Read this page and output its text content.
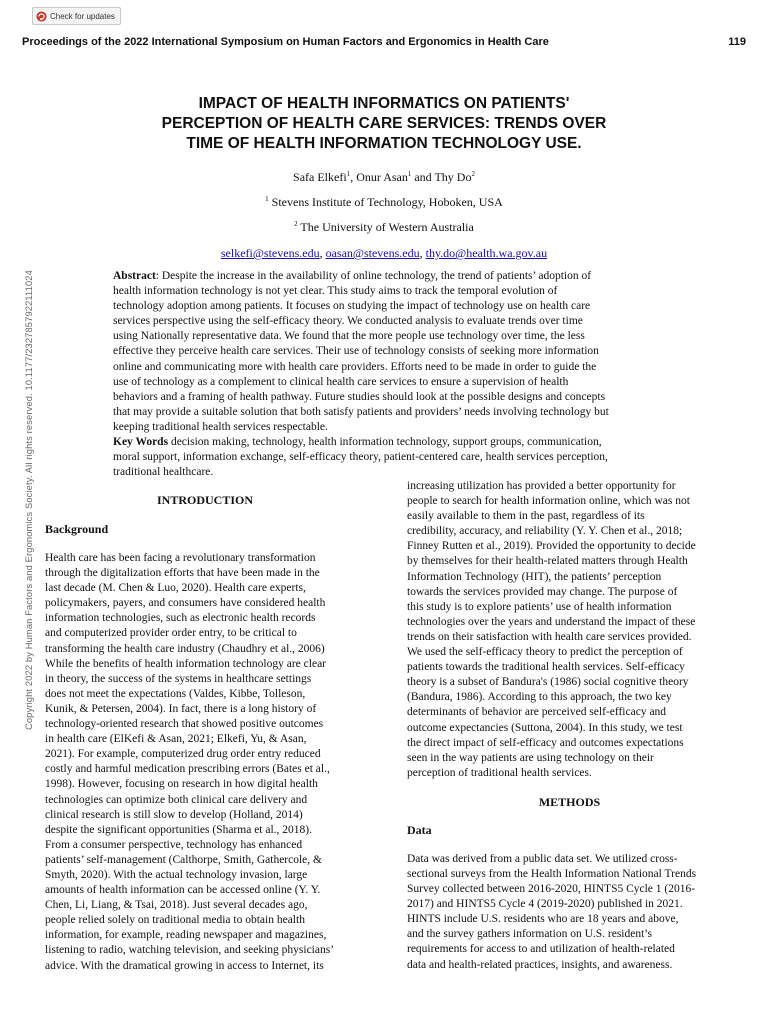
Check for updates
Proceedings of the 2022 International Symposium on Human Factors and Ergonomics in Health Care	119
Copyright 2022 by Human Factors and Ergonomics Society. All rights reserved. 10.1177/2327857922111024
IMPACT OF HEALTH INFORMATICS ON PATIENTS'
PERCEPTION OF HEALTH CARE SERVICES: TRENDS OVER
TIME OF HEALTH INFORMATION TECHNOLOGY USE.
Safa Elkefi$^1$, Onur Asan$^1$ and Thy Do$^2$
$^1$ Stevens Institute of Technology, Hoboken, USA
$^2$ The University of Western Australia
selkefi@stevens.edu, oasan@stevens.edu, thy.do@health.wa.gov.au
Abstract: Despite the increase in the availability of online technology, the trend of patients’ adoption of
health information technology is not yet clear. This study aims to track the temporal evolution of
technology adoption among patients. It focuses on studying the impact of technology use on health care
services perspective using the self-efficacy theory. We conducted analysis to evaluate trends over time
using Nationally representative data. We found that the more people use technology over time, the less
effective they perceive health care services. Their use of technology consists of seeking more information
online and communicating more with health care providers. Efforts need to be made in order to guide the
use of technology as a complement to clinical health care services to ensure a supervision of health
behaviors and a framing of health pathway. Future studies should look at the possible designs and concepts
that may provide a suitable solution that both satisfy patients and providers’ needs involving technology but
keeping traditional health services respectable.
Key Words decision making, technology, health information technology, support groups, communication,
moral support, information exchange, self-efficacy theory, patient-centered care, health services perception,
traditional healthcare.
INTRODUCTION
Background

Health care has been facing a revolutionary transformation
through the digitalization efforts that have been made in the
last decade (M. Chen & Luo, 2020). Health care experts,
policymakers, payers, and consumers have considered health
information technologies, such as electronic health records
and computerized provider order entry, to be critical to
transforming the health care industry (Chaudhry et al., 2006)
While the benefits of health information technology are clear
in theory, the success of the systems in healthcare settings
does not meet the expectations (Valdes, Kibbe, Tolleson,
Kunik, & Petersen, 2004). In fact, there is a long history of
technology-oriented research that showed positive outcomes
in health care (ElKefi & Asan, 2021; Elkefi, Yu, & Asan,
2021). For example, computerized drug order entry reduced
costly and harmful medication prescribing errors (Bates et al.,
1998). However, focusing on research in how digital health
technologies can optimize both clinical care delivery and
clinical research is still slow to develop (Holland, 2014)
despite the significant opportunities (Sharma et al., 2018).
From a consumer perspective, technology has enhanced
patients’ self-management (Calthorpe, Smith, Gathercole, &
Smyth, 2020). With the actual technology invasion, large
amounts of health information can be accessed online (Y. Y.
Chen, Li, Liang, & Tsai, 2018). Just several decades ago,
people relied solely on traditional media to obtain health
information, for example, reading newspaper and magazines,
listening to radio, watching television, and seeking physicians’
advice. With the dramatical growing in access to Internet, its

increasing utilization has provided a better opportunity for
people to search for health information online, which was not
easily available to them in the past, regardless of its
credibility, accuracy, and reliability (Y. Y. Chen et al., 2018;
Finney Rutten et al., 2019). Provided the opportunity to decide
by themselves for their health-related matters through Health
Information Technology (HIT), the patients’ perception
towards the services provided may change. The purpose of
this study is to explore patients’ use of health information
technologies over the years and understand the impact of these
trends on their satisfaction with health care services provided.
We used the self-efficacy theory to predict the perception of
patients towards the traditional health services. Self-efficacy
theory is a subset of Bandura's (1986) social cognitive theory
(Bandura, 1986). According to this approach, the two key
determinants of behavior are perceived self-efficacy and
outcome expectancies (Suttona, 2004). In this study, we test
the direct impact of self-efficacy and outcomes expectations
seen in the way patients are using technology on their
perception of traditional health services.

METHODS
Data

Data was derived from a public data set. We utilized cross-
sectional surveys from the Health Information National Trends
Survey collected between 2016-2020, HINTS5 Cycle 1 (2016-
2017) and HINTS5 Cycle 4 (2019-2020) published in 2021.
HINTS include U.S. residents who are 18 years and above,
and the survey gathers information on U.S. resident’s
requirements for access to and utilization of health-related
data and health-related practices, insights, and awareness.
